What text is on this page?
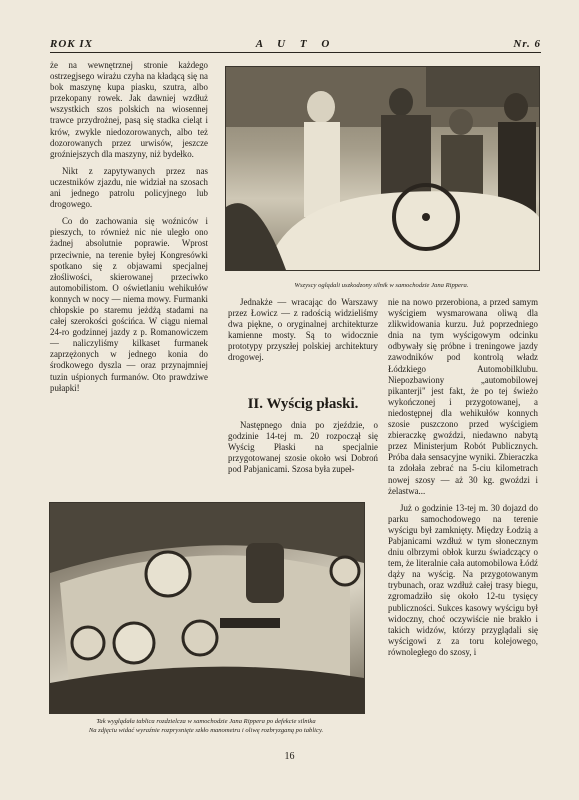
ROK IX	A U T O	Nr. 6

że na wewnętrznej stronie każdego ostrzegjsego wirażu czyha na kładącą się na bok maszynę kupa piasku, szutra, albo przekopany rowek. Jak dawniej wzdłuż wszystkich szos polskich na wiosennej trawce przydrożnej, pasą się stadka cieląt i krów, zwykle niedozorowanych, albo też dozorowanych przez urwisów, jeszcze groźniejszych dla maszyny, niż bydełko.

Nikt z zapytywanych przez nas uczestników zjazdu, nie widział na szosach ani jednego patrolu policyjnego lub drogowego.

Co do zachowania się woźniców i pieszych, to również nic nie uległo ono żadnej absolutnie poprawie. Wprost przeciwnie, na terenie byłej Kongresówki spotkano się z objawami specjalnej złośliwości, skierowanej przeciwko automobilistom. O oświetlaniu wehikułów konnych w nocy — niema mowy. Furmanki chłopskie po staremu jeżdżą stadami na całej szerokości gościńca. W ciągu niemal 24-ro godzinnej jazdy z p. Romanowiczem — naliczyliśmy kilkaset furmanek zaprzężonych w jednego konia do środkowego dyszla — oraz przynajmniej tuzin uśpionych furmanów. Oto prawdziwe pułapki!

Wszyscy oglądali uszkodzony silnik w samochodzie Jana Rippera.

Jednakże — wracając do Warszawy przez Łowicz — z radością widzieliśmy dwa piękne, o oryginalnej architekturze kamienne mosty. Są to widocznie prototypy przyszłej polskiej architektury drogowej.

II. Wyścig płaski.

Następnego dnia po zjeździe, o godzinie 14-tej m. 20 rozpoczął się Wyścig Płaski na specjalnie przygotowanej szosie około wsi Dobroń pod Pabjanicami. Szosa była zupeł-

nie na nowo przerobiona, a przed samym wyścigiem wysmarowana oliwą dla zlikwidowania kurzu. Już poprzedniego dnia na tym wyścigowym odcinku odbywały się próbne i treningowe jazdy zawodników pod kontrolą władz Łódzkiego Automobilklubu. Niepozbawiony „automobilowej pikanterji" jest fakt, że po tej świeżo wykończonej i przygotowanej, a niedostępnej dla wehikułów konnych szosie puszczono przed wyścigiem zbieraczkę gwoździ, niedawno nabytą przez Ministerjum Robót Publicznych. Próba dała sensacyjne wyniki. Zbieraczka ta zdołała zebrać na 5-ciu kilometrach nowej szosy — aż 30 kg. gwoździ i żelastwa...

Już o godzinie 13-tej m. 30 dojazd do parku samochodowego na terenie wyścigu był zamknięty. Między Łodzią a Pabjanicami wzdłuż w tym słonecznym dniu olbrzymi obłok kurzu świadczący o tem, że literalnie cała automobilowa Łódź dąży na wyścig. Na przygotowanym trybunach, oraz wzdłuż całej trasy biegu, zgromadziło się około 12-tu tysięcy publiczności. Sukces kasowy wyścigu był widoczny, choć oczywiście nie brakło i takich widzów, którzy przyglądali się wyścigowi z za toru kolejowego, równoległego do szosy, i

Tak wyglądała tablica rozdzielcza w samochodzie Jana Rippera po defekcie silnika
Na zdjęciu widać wyraźnie rozprysnięte szkło manometru i oliwę rozbryzganą po tablicy.
16
